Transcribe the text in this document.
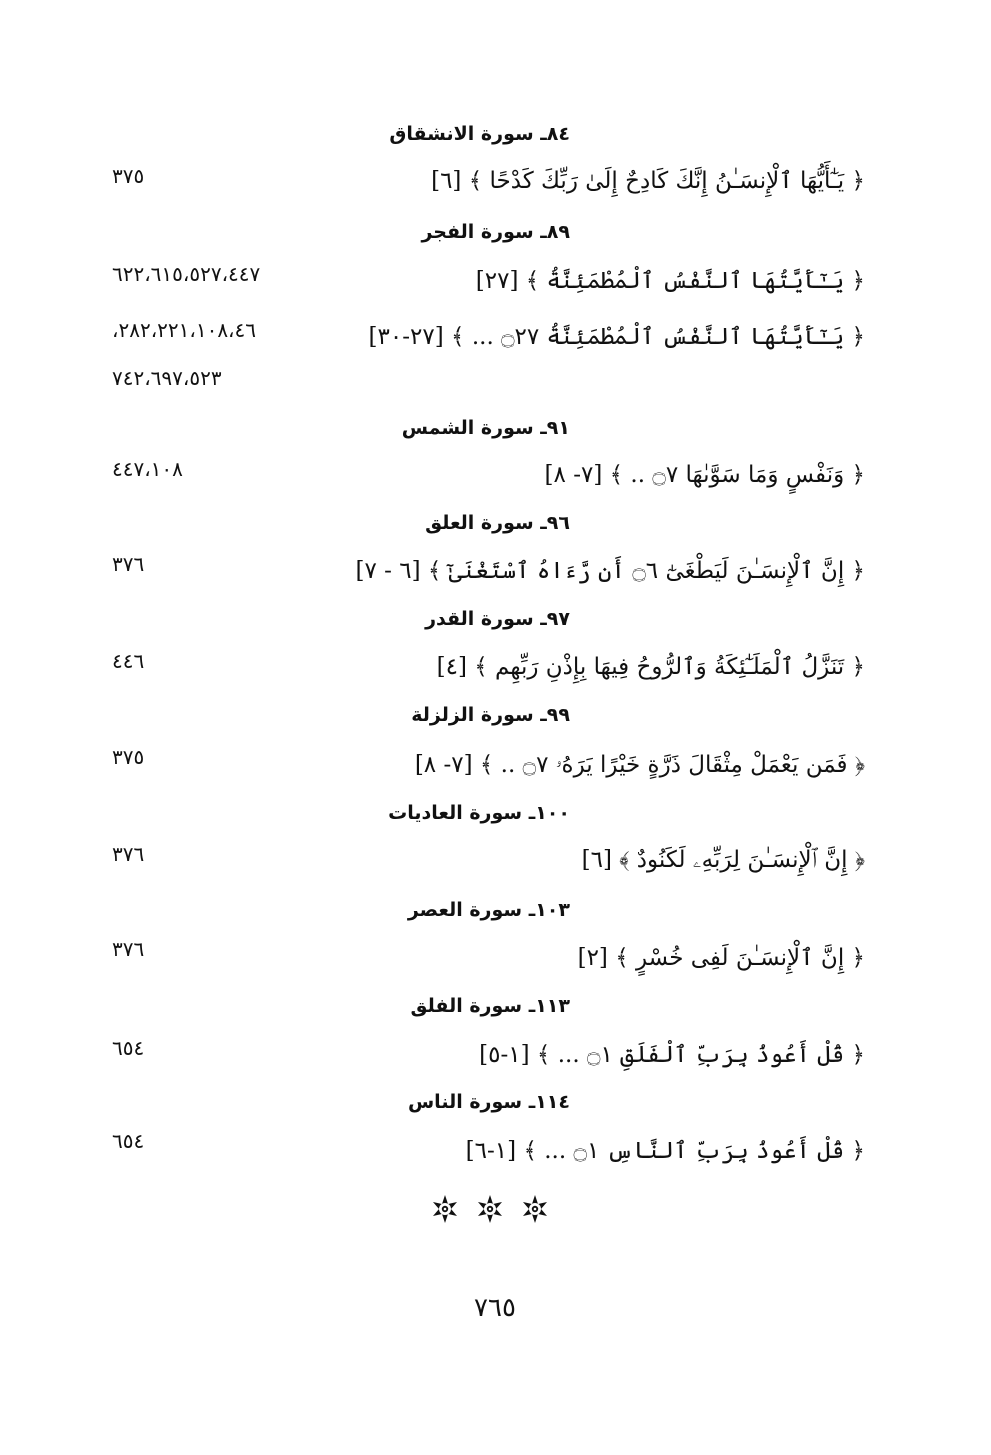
٨٤ـ سورة الانشقاق
﴿ يَـٰٓأَيُّهَا ٱلْإِنسَـٰنُ إِنَّكَ كَادِحٌ إِلَىٰ رَبِّكَ كَدْحًا ﴾ [٦]
٣٧٥
٨٩ـ سورة الفجر
﴿ يَـٰٓأَيَّتُهَا ٱلنَّفْسُ ٱلْمُطْمَئِنَّةُ ﴾ [٢٧]
٦٢٢،٦١٥،٥٢٧،٤٤٧
﴿ يَـٰٓأَيَّتُهَا ٱلنَّفْسُ ٱلْمُطْمَئِنَّةُ ۝٢٧ ... ﴾ [٢٧-٣٠]
،٢٨٢،٢٢١،١٠٨،٤٦
٧٤٢،٦٩٧،٥٢٣
٩١ـ سورة الشمس
﴿ وَنَفْسٍ وَمَا سَوَّىٰهَا ۝٧ .. ﴾ [٧- ٨]
٤٤٧،١٠٨
٩٦ـ سورة العلق
﴿ إِنَّ ٱلْإِنسَـٰنَ لَيَطْغَىٰٓ ۝٦ أَن رَّءَاهُ ٱسْتَغْنَىٰٓ ﴾ [٦ - ٧]
٣٧٦
٩٧ـ سورة القدر
﴿ تَنَزَّلُ ٱلْمَلَـٰٓئِكَةُ وَٱلرُّوحُ فِيهَا بِإِذْنِ رَبِّهِم ﴾ [٤]
٤٤٦
٩٩ـ سورة الزلزلة
﴿ فَمَن يَعْمَلْ مِثْقَالَ ذَرَّةٍ خَيْرًا يَرَهُۥ ۝٧ .. ﴾ [٧- ٨]
٣٧٥
١٠٠ـ سورة العاديات
﴿ إِنَّ ٱلْإِنسَـٰنَ لِرَبِّهِۦ لَكَنُودٌ ﴾ [٦]
٣٧٦
١٠٣ـ سورة العصر
﴿ إِنَّ ٱلْإِنسَـٰنَ لَفِى خُسْرٍ ﴾ [٢]
٣٧٦
١١٣ـ سورة الفلق
﴿ قُلْ أَعُوذُ بِرَبِّ ٱلْفَلَقِ ۝١ ... ﴾ [١-٥]
٦٥٤
١١٤ـ سورة الناس
﴿ قُلْ أَعُوذُ بِرَبِّ ٱلنَّاسِ ۝١ ... ﴾ [١-٦]
٦٥٤
٧٦٥
